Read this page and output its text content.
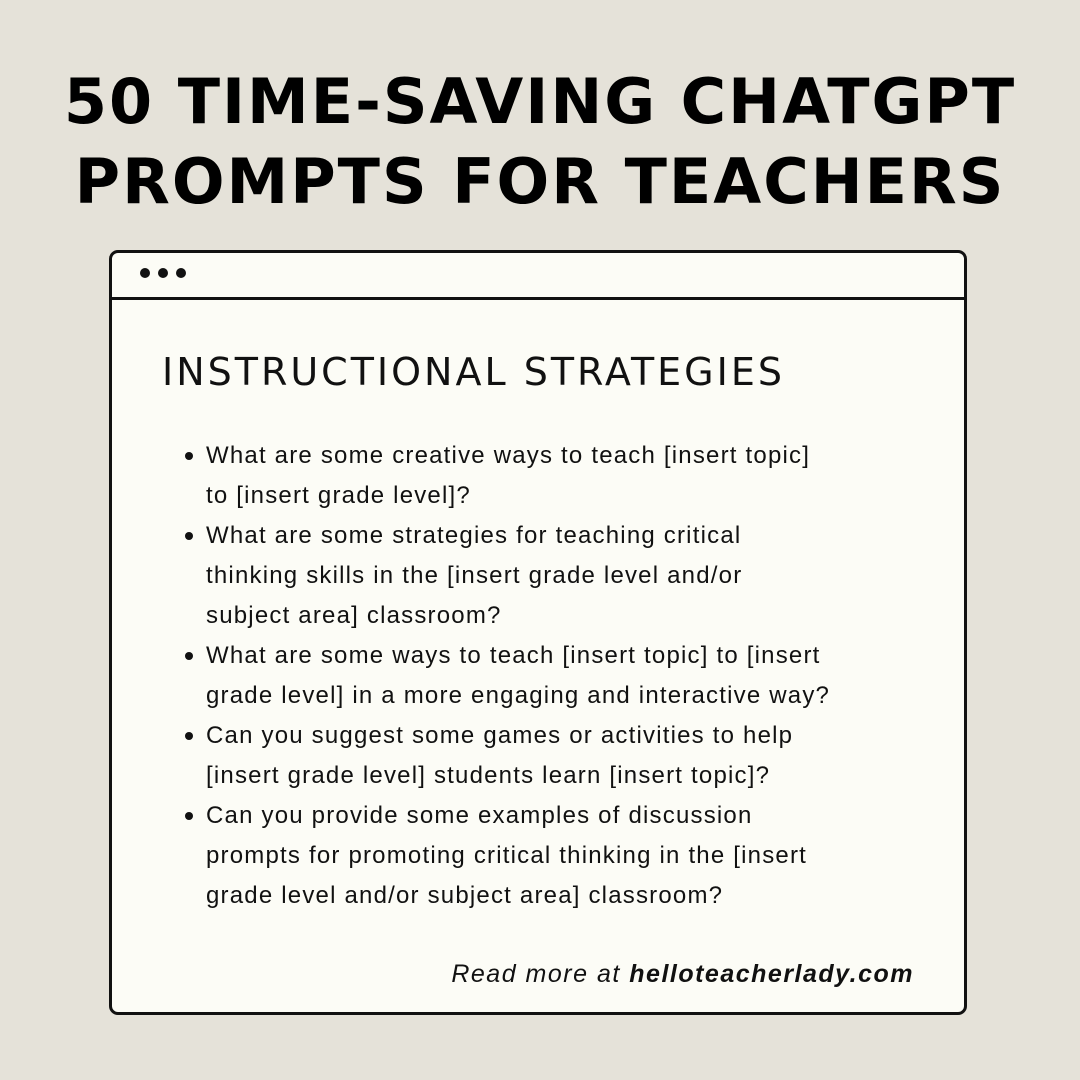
50 TIME-SAVING CHATGPT
PROMPTS FOR TEACHERS
INSTRUCTIONAL STRATEGIES
What are some creative ways to teach [insert topic]
to [insert grade level]?
What are some strategies for teaching critical
thinking skills in the [insert grade level and/or
subject area] classroom?
What are some ways to teach [insert topic] to [insert
grade level] in a more engaging and interactive way?
Can you suggest some games or activities to help
[insert grade level] students learn [insert topic]?
Can you provide some examples of discussion
prompts for promoting critical thinking in the [insert
grade level and/or subject area] classroom?
Read more at helloteacherlady.com
